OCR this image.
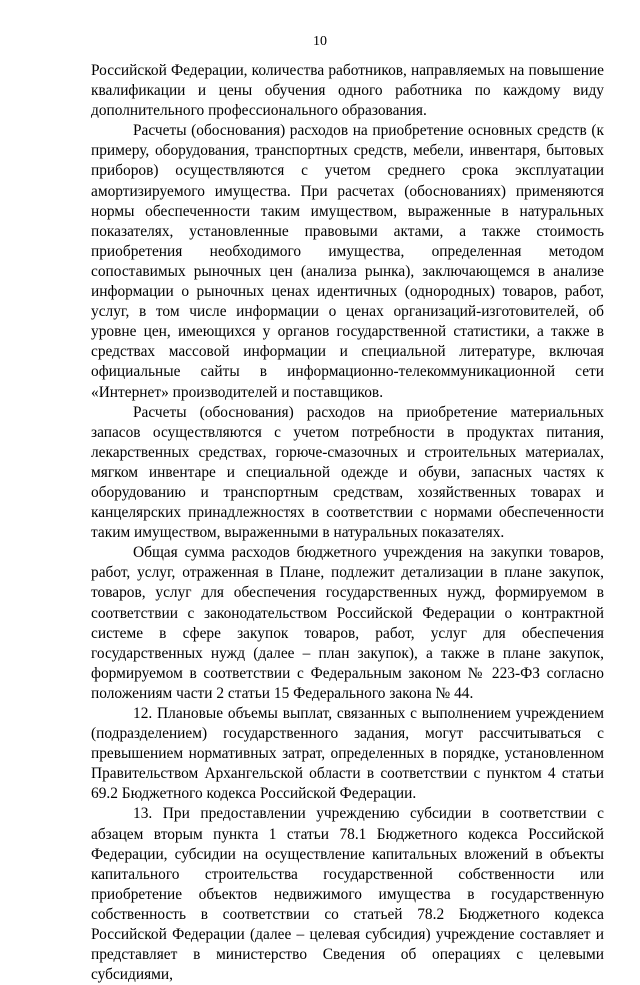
10

Российской Федерации, количества работников, направляемых на повышение квалификации и цены обучения одного работника по каждому виду дополнительного профессионального образования.

Расчеты (обоснования) расходов на приобретение основных средств (к примеру, оборудования, транспортных средств, мебели, инвентаря, бытовых приборов) осуществляются с учетом среднего срока эксплуатации амортизируемого имущества. При расчетах (обоснованиях) применяются нормы обеспеченности таким имуществом, выраженные в натуральных показателях, установленные правовыми актами, а также стоимость приобретения необходимого имущества, определенная методом сопоставимых рыночных цен (анализа рынка), заключающемся в анализе информации о рыночных ценах идентичных (однородных) товаров, работ, услуг, в том числе информации о ценах организаций-изготовителей, об уровне цен, имеющихся у органов государственной статистики, а также в средствах массовой информации и специальной литературе, включая официальные сайты в информационно-телекоммуникационной сети «Интернет» производителей и поставщиков.

Расчеты (обоснования) расходов на приобретение материальных запасов осуществляются с учетом потребности в продуктах питания, лекарственных средствах, горюче-смазочных и строительных материалах, мягком инвентаре и специальной одежде и обуви, запасных частях к оборудованию и транспортным средствам, хозяйственных товарах и канцелярских принадлежностях в соответствии с нормами обеспеченности таким имуществом, выраженными в натуральных показателях.

Общая сумма расходов бюджетного учреждения на закупки товаров, работ, услуг, отраженная в Плане, подлежит детализации в плане закупок, товаров, услуг для обеспечения государственных нужд, формируемом в соответствии с законодательством Российской Федерации о контрактной системе в сфере закупок товаров, работ, услуг для обеспечения государственных нужд (далее – план закупок), а также в плане закупок, формируемом в соответствии с Федеральным законом № 223-ФЗ согласно положениям части 2 статьи 15 Федерального закона № 44.

12. Плановые объемы выплат, связанных с выполнением учреждением (подразделением) государственного задания, могут рассчитываться с превышением нормативных затрат, определенных в порядке, установленном Правительством Архангельской области в соответствии с пунктом 4 статьи 69.2 Бюджетного кодекса Российской Федерации.

13. При предоставлении учреждению субсидии в соответствии с абзацем вторым пункта 1 статьи 78.1 Бюджетного кодекса Российской Федерации, субсидии на осуществление капитальных вложений в объекты капитального строительства государственной собственности или приобретение объектов недвижимого имущества в государственную собственность в соответствии со статьей 78.2 Бюджетного кодекса Российской Федерации (далее – целевая субсидия) учреждение составляет и представляет в министерство Сведения об операциях с целевыми субсидиями,
